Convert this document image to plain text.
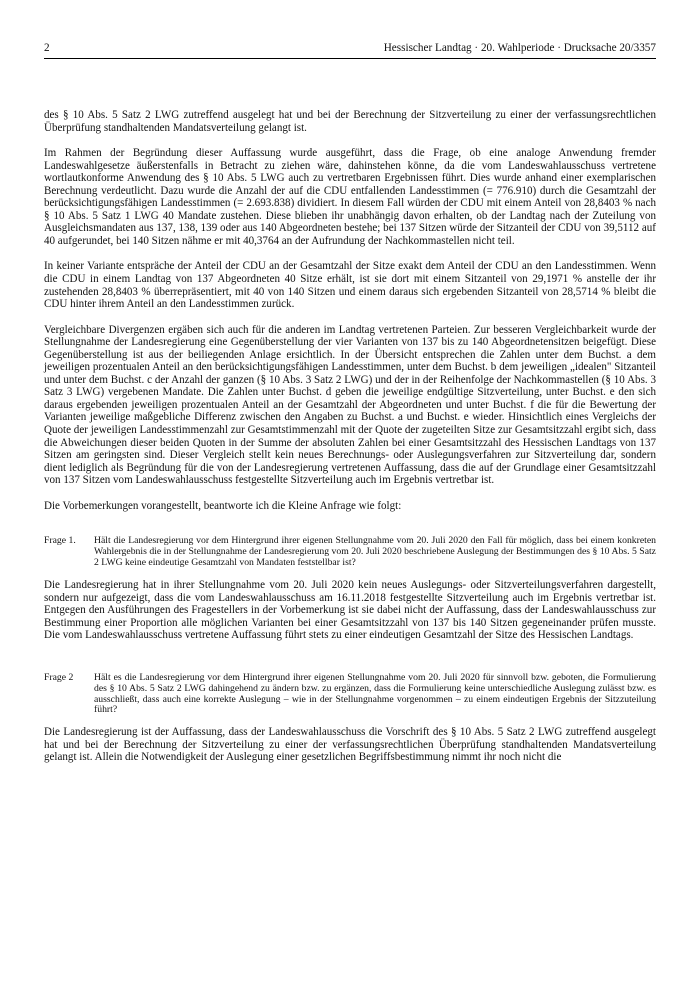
2	Hessischer Landtag · 20. Wahlperiode · Drucksache 20/3357

des § 10 Abs. 5 Satz 2 LWG zutreffend ausgelegt hat und bei der Berechnung der Sitzverteilung zu einer der verfassungsrechtlichen Überprüfung standhaltenden Mandatsverteilung gelangt ist.

Im Rahmen der Begründung dieser Auffassung wurde ausgeführt, dass die Frage, ob eine analoge Anwendung fremder Landeswahlgesetze äußerstenfalls in Betracht zu ziehen wäre, dahinstehen könne, da die vom Landeswahlausschuss vertretene wortlautkonforme Anwendung des § 10 Abs. 5 LWG auch zu vertretbaren Ergebnissen führt. Dies wurde anhand einer exemplarischen Berechnung verdeutlicht. Dazu wurde die Anzahl der auf die CDU entfallenden Landesstimmen (= 776.910) durch die Gesamtzahl der berücksichtigungsfähigen Landesstimmen (= 2.693.838) dividiert. In diesem Fall würden der CDU mit einem Anteil von 28,8403 % nach § 10 Abs. 5 Satz 1 LWG 40 Mandate zustehen. Diese blieben ihr unabhängig davon erhalten, ob der Landtag nach der Zuteilung von Ausgleichsmandaten aus 137, 138, 139 oder aus 140 Abgeordneten bestehe; bei 137 Sitzen würde der Sitzanteil der CDU von 39,5112 auf 40 aufgerundet, bei 140 Sitzen nähme er mit 40,3764 an der Aufrundung der Nachkommastellen nicht teil.

In keiner Variante entspräche der Anteil der CDU an der Gesamtzahl der Sitze exakt dem Anteil der CDU an den Landesstimmen. Wenn die CDU in einem Landtag von 137 Abgeordneten 40 Sitze erhält, ist sie dort mit einem Sitzanteil von 29,1971 % anstelle der ihr zustehenden 28,8403 % überrepräsentiert, mit 40 von 140 Sitzen und einem daraus sich ergebenden Sitzanteil von 28,5714 % bleibt die CDU hinter ihrem Anteil an den Landesstimmen zurück.

Vergleichbare Divergenzen ergäben sich auch für die anderen im Landtag vertretenen Parteien. Zur besseren Vergleichbarkeit wurde der Stellungnahme der Landesregierung eine Gegenüberstellung der vier Varianten von 137 bis zu 140 Abgeordnetensitzen beigefügt. Diese Gegenüberstellung ist aus der beiliegenden Anlage ersichtlich. In der Übersicht entsprechen die Zahlen unter dem Buchst. a dem jeweiligen prozentualen Anteil an den berücksichtigungsfähigen Landesstimmen, unter dem Buchst. b dem jeweiligen „idealen" Sitzanteil und unter dem Buchst. c der Anzahl der ganzen (§ 10 Abs. 3 Satz 2 LWG) und der in der Reihenfolge der Nachkommastellen (§ 10 Abs. 3 Satz 3 LWG) vergebenen Mandate. Die Zahlen unter Buchst. d geben die jeweilige endgültige Sitzverteilung, unter Buchst. e den sich daraus ergebenden jeweiligen prozentualen Anteil an der Gesamtzahl der Abgeordneten und unter Buchst. f die für die Bewertung der Varianten jeweilige maßgebliche Differenz zwischen den Angaben zu Buchst. a und Buchst. e wieder. Hinsichtlich eines Vergleichs der Quote der jeweiligen Landesstimmenzahl zur Gesamtstimmenzahl mit der Quote der zugeteilten Sitze zur Gesamtsitzzahl ergibt sich, dass die Abweichungen dieser beiden Quoten in der Summe der absoluten Zahlen bei einer Gesamtsitzzahl des Hessischen Landtags von 137 Sitzen am geringsten sind. Dieser Vergleich stellt kein neues Berechnungs- oder Auslegungsverfahren zur Sitzverteilung dar, sondern dient lediglich als Begründung für die von der Landesregierung vertretenen Auffassung, dass die auf der Grundlage einer Gesamtsitzzahl von 137 Sitzen vom Landeswahlausschuss festgestellte Sitzverteilung auch im Ergebnis vertretbar ist.

Die Vorbemerkungen vorangestellt, beantworte ich die Kleine Anfrage wie folgt:

Frage 1.	Hält die Landesregierung vor dem Hintergrund ihrer eigenen Stellungnahme vom 20. Juli 2020 den Fall für möglich, dass bei einem konkreten Wahlergebnis die in der Stellungnahme der Landesregierung vom 20. Juli 2020 beschriebene Auslegung der Bestimmungen des § 10 Abs. 5 Satz 2 LWG keine eindeutige Gesamtzahl von Mandaten feststellbar ist?

Die Landesregierung hat in ihrer Stellungnahme vom 20. Juli 2020 kein neues Auslegungs- oder Sitzverteilungsverfahren dargestellt, sondern nur aufgezeigt, dass die vom Landeswahlausschuss am 16.11.2018 festgestellte Sitzverteilung auch im Ergebnis vertretbar ist. Entgegen den Ausführungen des Fragestellers in der Vorbemerkung ist sie dabei nicht der Auffassung, dass der Landeswahlausschuss zur Bestimmung einer Proportion alle möglichen Varianten bei einer Gesamtsitzzahl von 137 bis 140 Sitzen gegeneinander prüfen musste. Die vom Landeswahlausschuss vertretene Auffassung führt stets zu einer eindeutigen Gesamtzahl der Sitze des Hessischen Landtags.

Frage 2	Hält es die Landesregierung vor dem Hintergrund ihrer eigenen Stellungnahme vom 20. Juli 2020 für sinnvoll bzw. geboten, die Formulierung des § 10 Abs. 5 Satz 2 LWG dahingehend zu ändern bzw. zu ergänzen, dass die Formulierung keine unterschiedliche Auslegung zulässt bzw. es ausschließt, dass auch eine korrekte Auslegung – wie in der Stellungnahme vorgenommen – zu einem eindeutigen Ergebnis der Sitzzuteilung führt?

Die Landesregierung ist der Auffassung, dass der Landeswahlausschuss die Vorschrift des § 10 Abs. 5 Satz 2 LWG zutreffend ausgelegt hat und bei der Berechnung der Sitzverteilung zu einer der verfassungsrechtlichen Überprüfung standhaltenden Mandatsverteilung gelangt ist. Allein die Notwendigkeit der Auslegung einer gesetzlichen Begriffsbestimmung nimmt ihr noch nicht die
